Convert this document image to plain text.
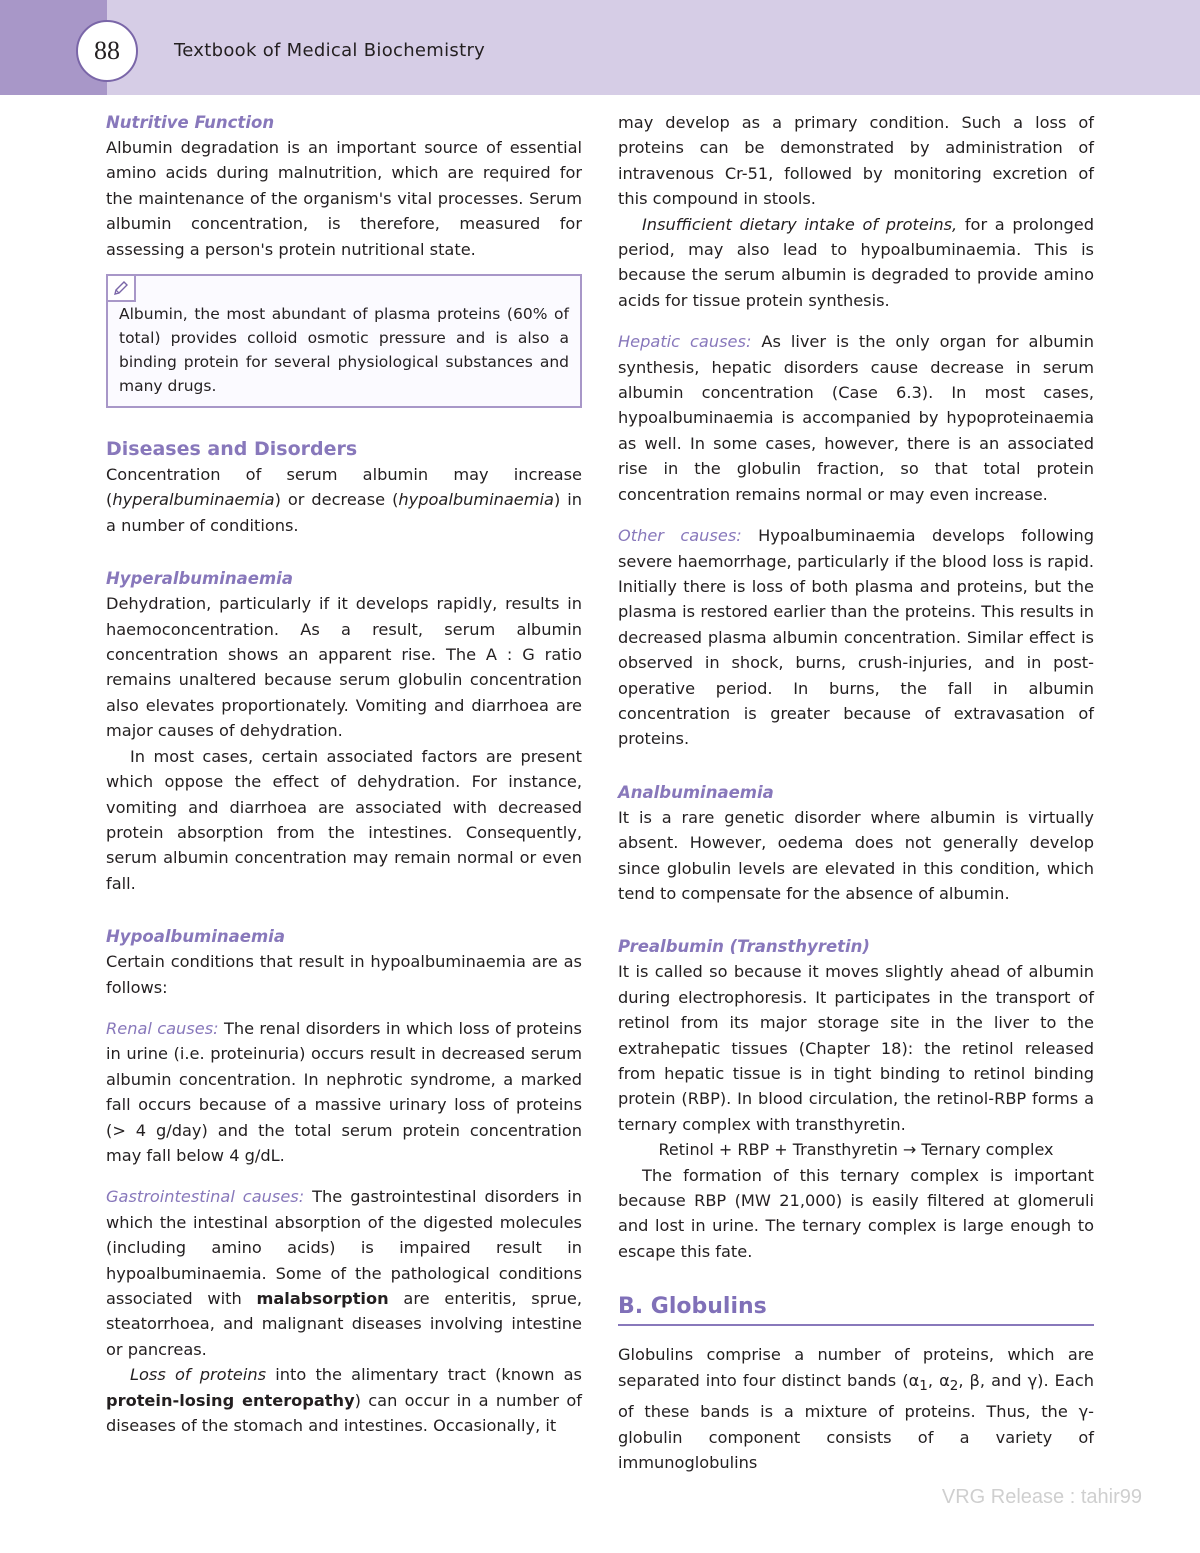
88	Textbook of Medical Biochemistry

Nutritive Function

Albumin degradation is an important source of essential amino acids during malnutrition, which are required for the maintenance of the organism's vital processes. Serum albumin concentration, is therefore, measured for assessing a person's protein nutritional state.

Albumin, the most abundant of plasma proteins (60% of total) provides colloid osmotic pressure and is also a binding protein for several physiological substances and many drugs.

Diseases and Disorders

Concentration of serum albumin may increase (hyperalbuminaemia) or decrease (hypoalbuminaemia) in a number of conditions.

Hyperalbuminaemia

Dehydration, particularly if it develops rapidly, results in haemoconcentration. As a result, serum albumin concentration shows an apparent rise. The A : G ratio remains unaltered because serum globulin concentration also elevates proportionately. Vomiting and diarrhoea are major causes of dehydration.

In most cases, certain associated factors are present which oppose the effect of dehydration. For instance, vomiting and diarrhoea are associated with decreased protein absorption from the intestines. Consequently, serum albumin concentration may remain normal or even fall.

Hypoalbuminaemia

Certain conditions that result in hypoalbuminaemia are as follows:

Renal causes: The renal disorders in which loss of proteins in urine (i.e. proteinuria) occurs result in decreased serum albumin concentration. In nephrotic syndrome, a marked fall occurs because of a massive urinary loss of proteins (> 4 g/day) and the total serum protein concentration may fall below 4 g/dL.

Gastrointestinal causes: The gastrointestinal disorders in which the intestinal absorption of the digested molecules (including amino acids) is impaired result in hypoalbuminaemia. Some of the pathological conditions associated with malabsorption are enteritis, sprue, steatorrhoea, and malignant diseases involving intestine or pancreas.

Loss of proteins into the alimentary tract (known as protein-losing enteropathy) can occur in a number of diseases of the stomach and intestines. Occasionally, it

may develop as a primary condition. Such a loss of proteins can be demonstrated by administration of intravenous Cr-51, followed by monitoring excretion of this compound in stools.

Insufficient dietary intake of proteins, for a prolonged period, may also lead to hypoalbuminaemia. This is because the serum albumin is degraded to provide amino acids for tissue protein synthesis.

Hepatic causes: As liver is the only organ for albumin synthesis, hepatic disorders cause decrease in serum albumin concentration (Case 6.3). In most cases, hypoalbuminaemia is accompanied by hypoproteinaemia as well. In some cases, however, there is an associated rise in the globulin fraction, so that total protein concentration remains normal or may even increase.

Other causes: Hypoalbuminaemia develops following severe haemorrhage, particularly if the blood loss is rapid. Initially there is loss of both plasma and proteins, but the plasma is restored earlier than the proteins. This results in decreased plasma albumin concentration. Similar effect is observed in shock, burns, crush-injuries, and in post-operative period. In burns, the fall in albumin concentration is greater because of extravasation of proteins.

Analbuminaemia

It is a rare genetic disorder where albumin is virtually absent. However, oedema does not generally develop since globulin levels are elevated in this condition, which tend to compensate for the absence of albumin.

Prealbumin (Transthyretin)

It is called so because it moves slightly ahead of albumin during electrophoresis. It participates in the transport of retinol from its major storage site in the liver to the extrahepatic tissues (Chapter 18): the retinol released from hepatic tissue is in tight binding to retinol binding protein (RBP). In blood circulation, the retinol-RBP forms a ternary complex with transthyretin.

Retinol + RBP + Transthyretin → Ternary complex

The formation of this ternary complex is important because RBP (MW 21,000) is easily filtered at glomeruli and lost in urine. The ternary complex is large enough to escape this fate.

B. Globulins

Globulins comprise a number of proteins, which are separated into four distinct bands ($\alpha_1$, $\alpha_2$, β, and γ). Each of these bands is a mixture of proteins. Thus, the γ-globulin component consists of a variety of immunoglobulins

VRG Release : tahir99
